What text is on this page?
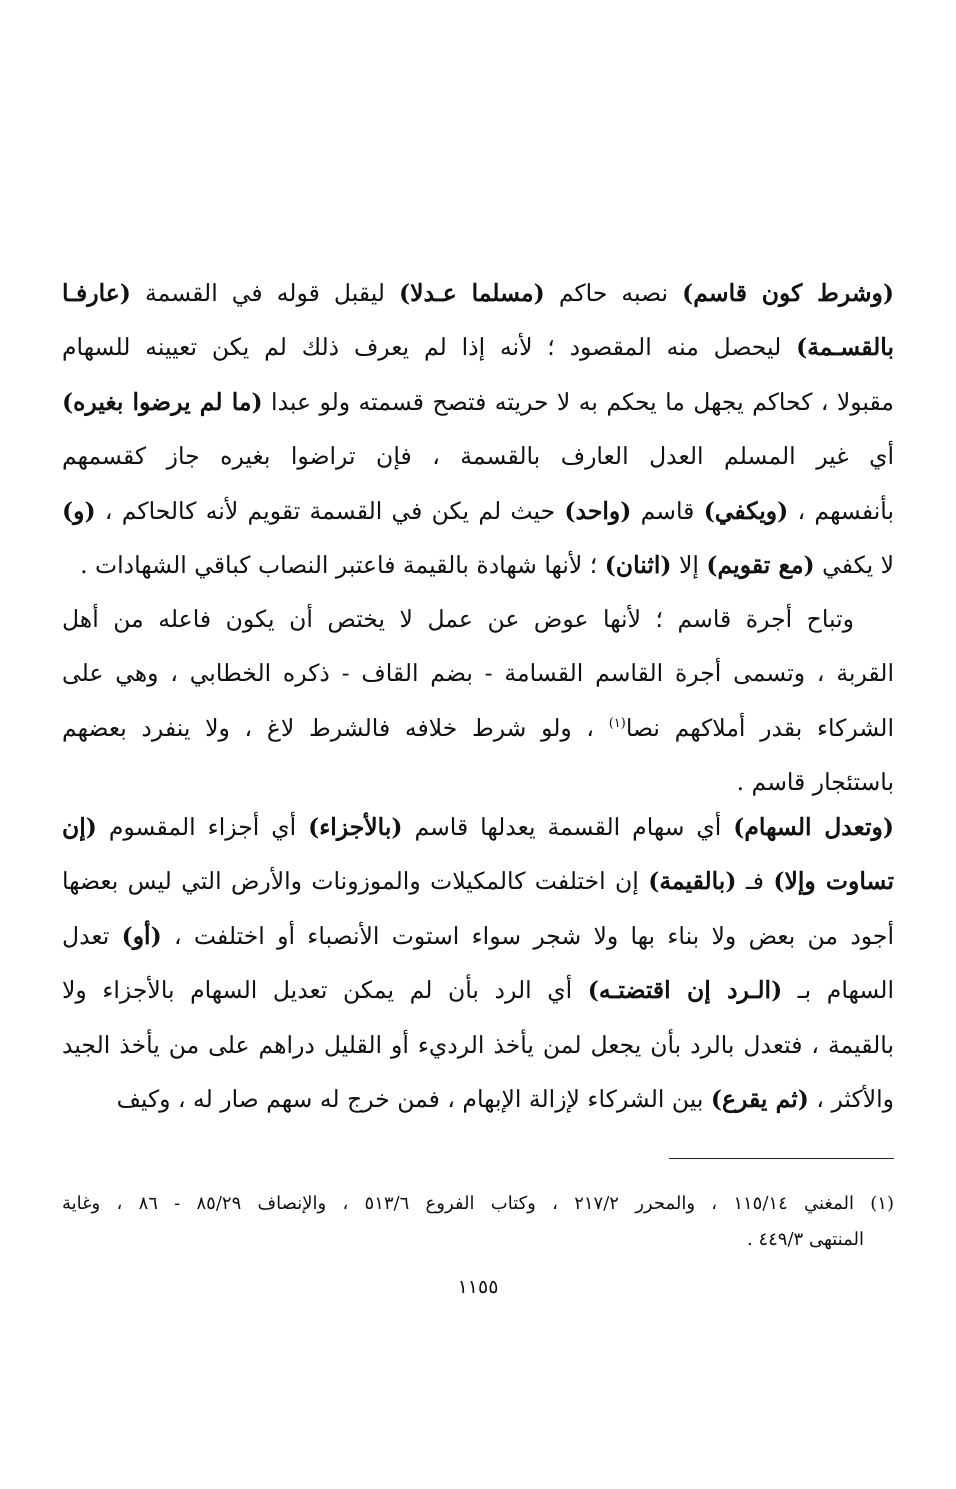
(وشرط كون قاسم) نصبه حاكم (مسلما عـدلا) ليقبل قوله في القسمة (عارفـا
بالقسـمة) ليحصل منه المقصود ؛ لأنه إذا لم يعرف ذلك لم يكن تعيينه للسهام
مقبولا ، كحاكم يجهل ما يحكم به لا حريته فتصح قسمته ولو عبدا (ما لم يرضوا بغيره)
أي غير المسلم العدل العارف بالقسمة ، فإن تراضوا بغيره جاز كقسمهم
بأنفسهم ، (ويكفي) قاسم (واحد) حيث لم يكن في القسمة تقويم لأنه كالحاكم ، (و)
لا يكفي (مع تقويم) إلا (اثنان) ؛ لأنها شهادة بالقيمة فاعتبر النصاب كباقي الشهادات .
وتباح أجرة قاسم ؛ لأنها عوض عن عمل لا يختص أن يكون فاعله من أهل
القربة ، وتسمى أجرة القاسم القسامة - بضم القاف - ذكره الخطابي ، وهي على
الشركاء بقدر أملاكهم نصا$^{(١)}$ ، ولو شرط خلافه فالشرط لاغ ، ولا ينفرد بعضهم
باستئجار قاسم .
(وتعدل السهام) أي سهام القسمة يعدلها قاسم (بالأجزاء) أي أجزاء المقسوم (إن
تساوت وإلا) فـ (بالقيمة) إن اختلفت كالمكيلات والموزونات والأرض التي ليس بعضها
أجود من بعض ولا بناء بها ولا شجر سواء استوت الأنصباء أو اختلفت ، (أو) تعدل
السهام بـ (الـرد إن اقتضتـه) أي الرد بأن لم يمكن تعديل السهام بالأجزاء ولا
بالقيمة ، فتعدل بالرد بأن يجعل لمن يأخذ الرديء أو القليل دراهم على من يأخذ الجيد
والأكثر ، (ثم يقرع) بين الشركاء لإزالة الإبهام ، فمن خرج له سهم صار له ، وكيف
(١) المغني ١١٥/١٤ ، والمحرر ٢١٧/٢ ، وكتاب الفروع ٥١٣/٦ ، والإنصاف ٨٥/٢٩ - ٨٦ ، وغاية
المنتهى ٤٤٩/٣ .
١١٥٥
